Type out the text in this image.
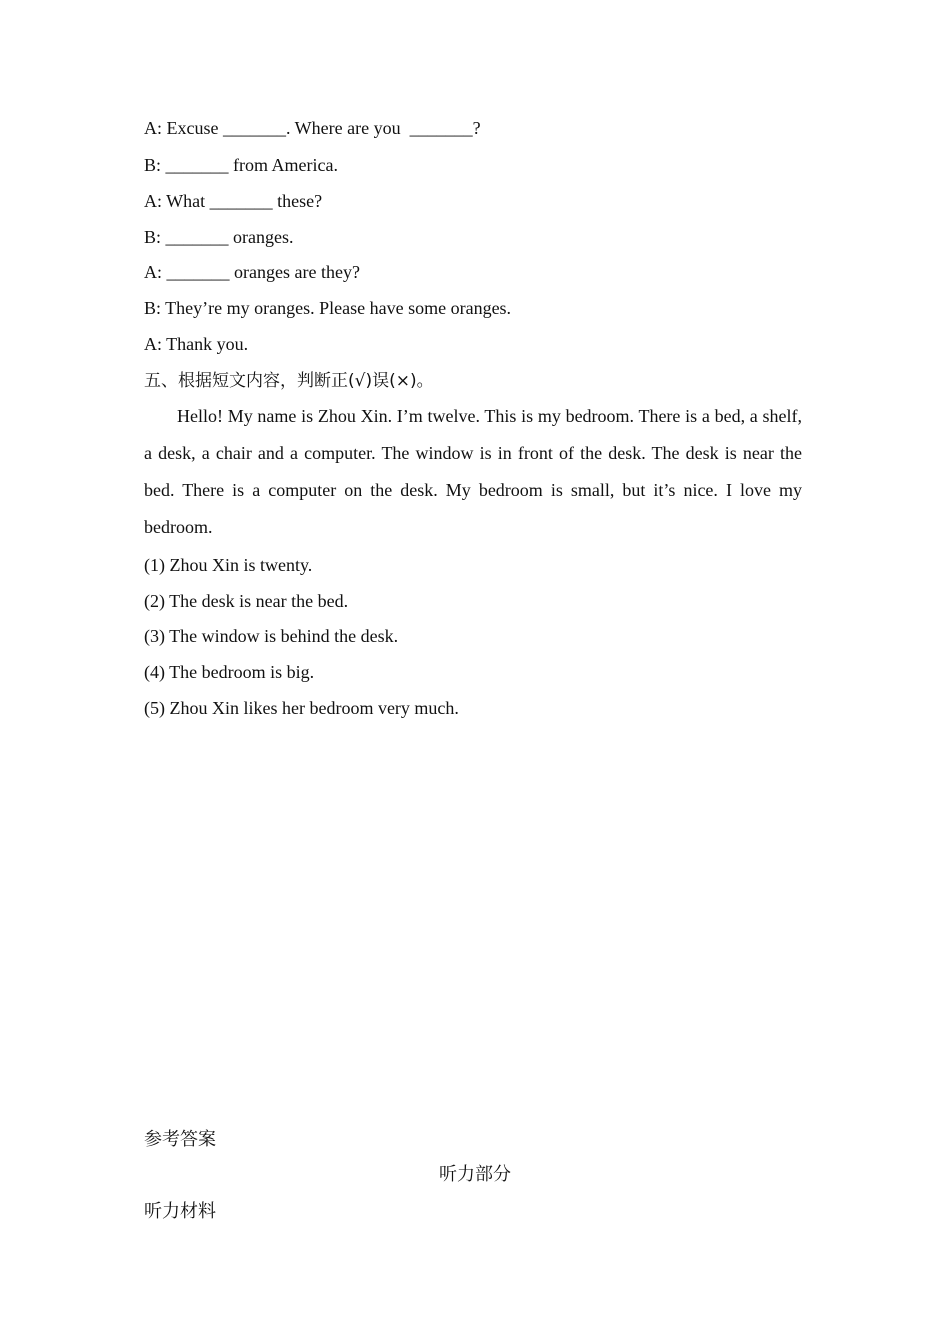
A: Excuse _______. Where are you  _______?
B: _______ from America.
A: What _______ these?
B: _______ oranges.
A: _______ oranges are they?
B: They’re my oranges. Please have some oranges.
A: Thank you.
五、根据短文内容，判断正(√)误(×)。
Hello! My name is Zhou Xin. I’m twelve. This is my bedroom. There is a bed, a shelf, a desk, a chair and a computer. The window is in front of the desk. The desk is near the bed. There is a computer on the desk. My bedroom is small, but it’s nice. I love my bedroom.
(1) Zhou Xin is twenty.
(2) The desk is near the bed.
(3) The window is behind the desk.
(4) The bedroom is big.
(5) Zhou Xin likes her bedroom very much.
参考答案
听力部分
听力材料
